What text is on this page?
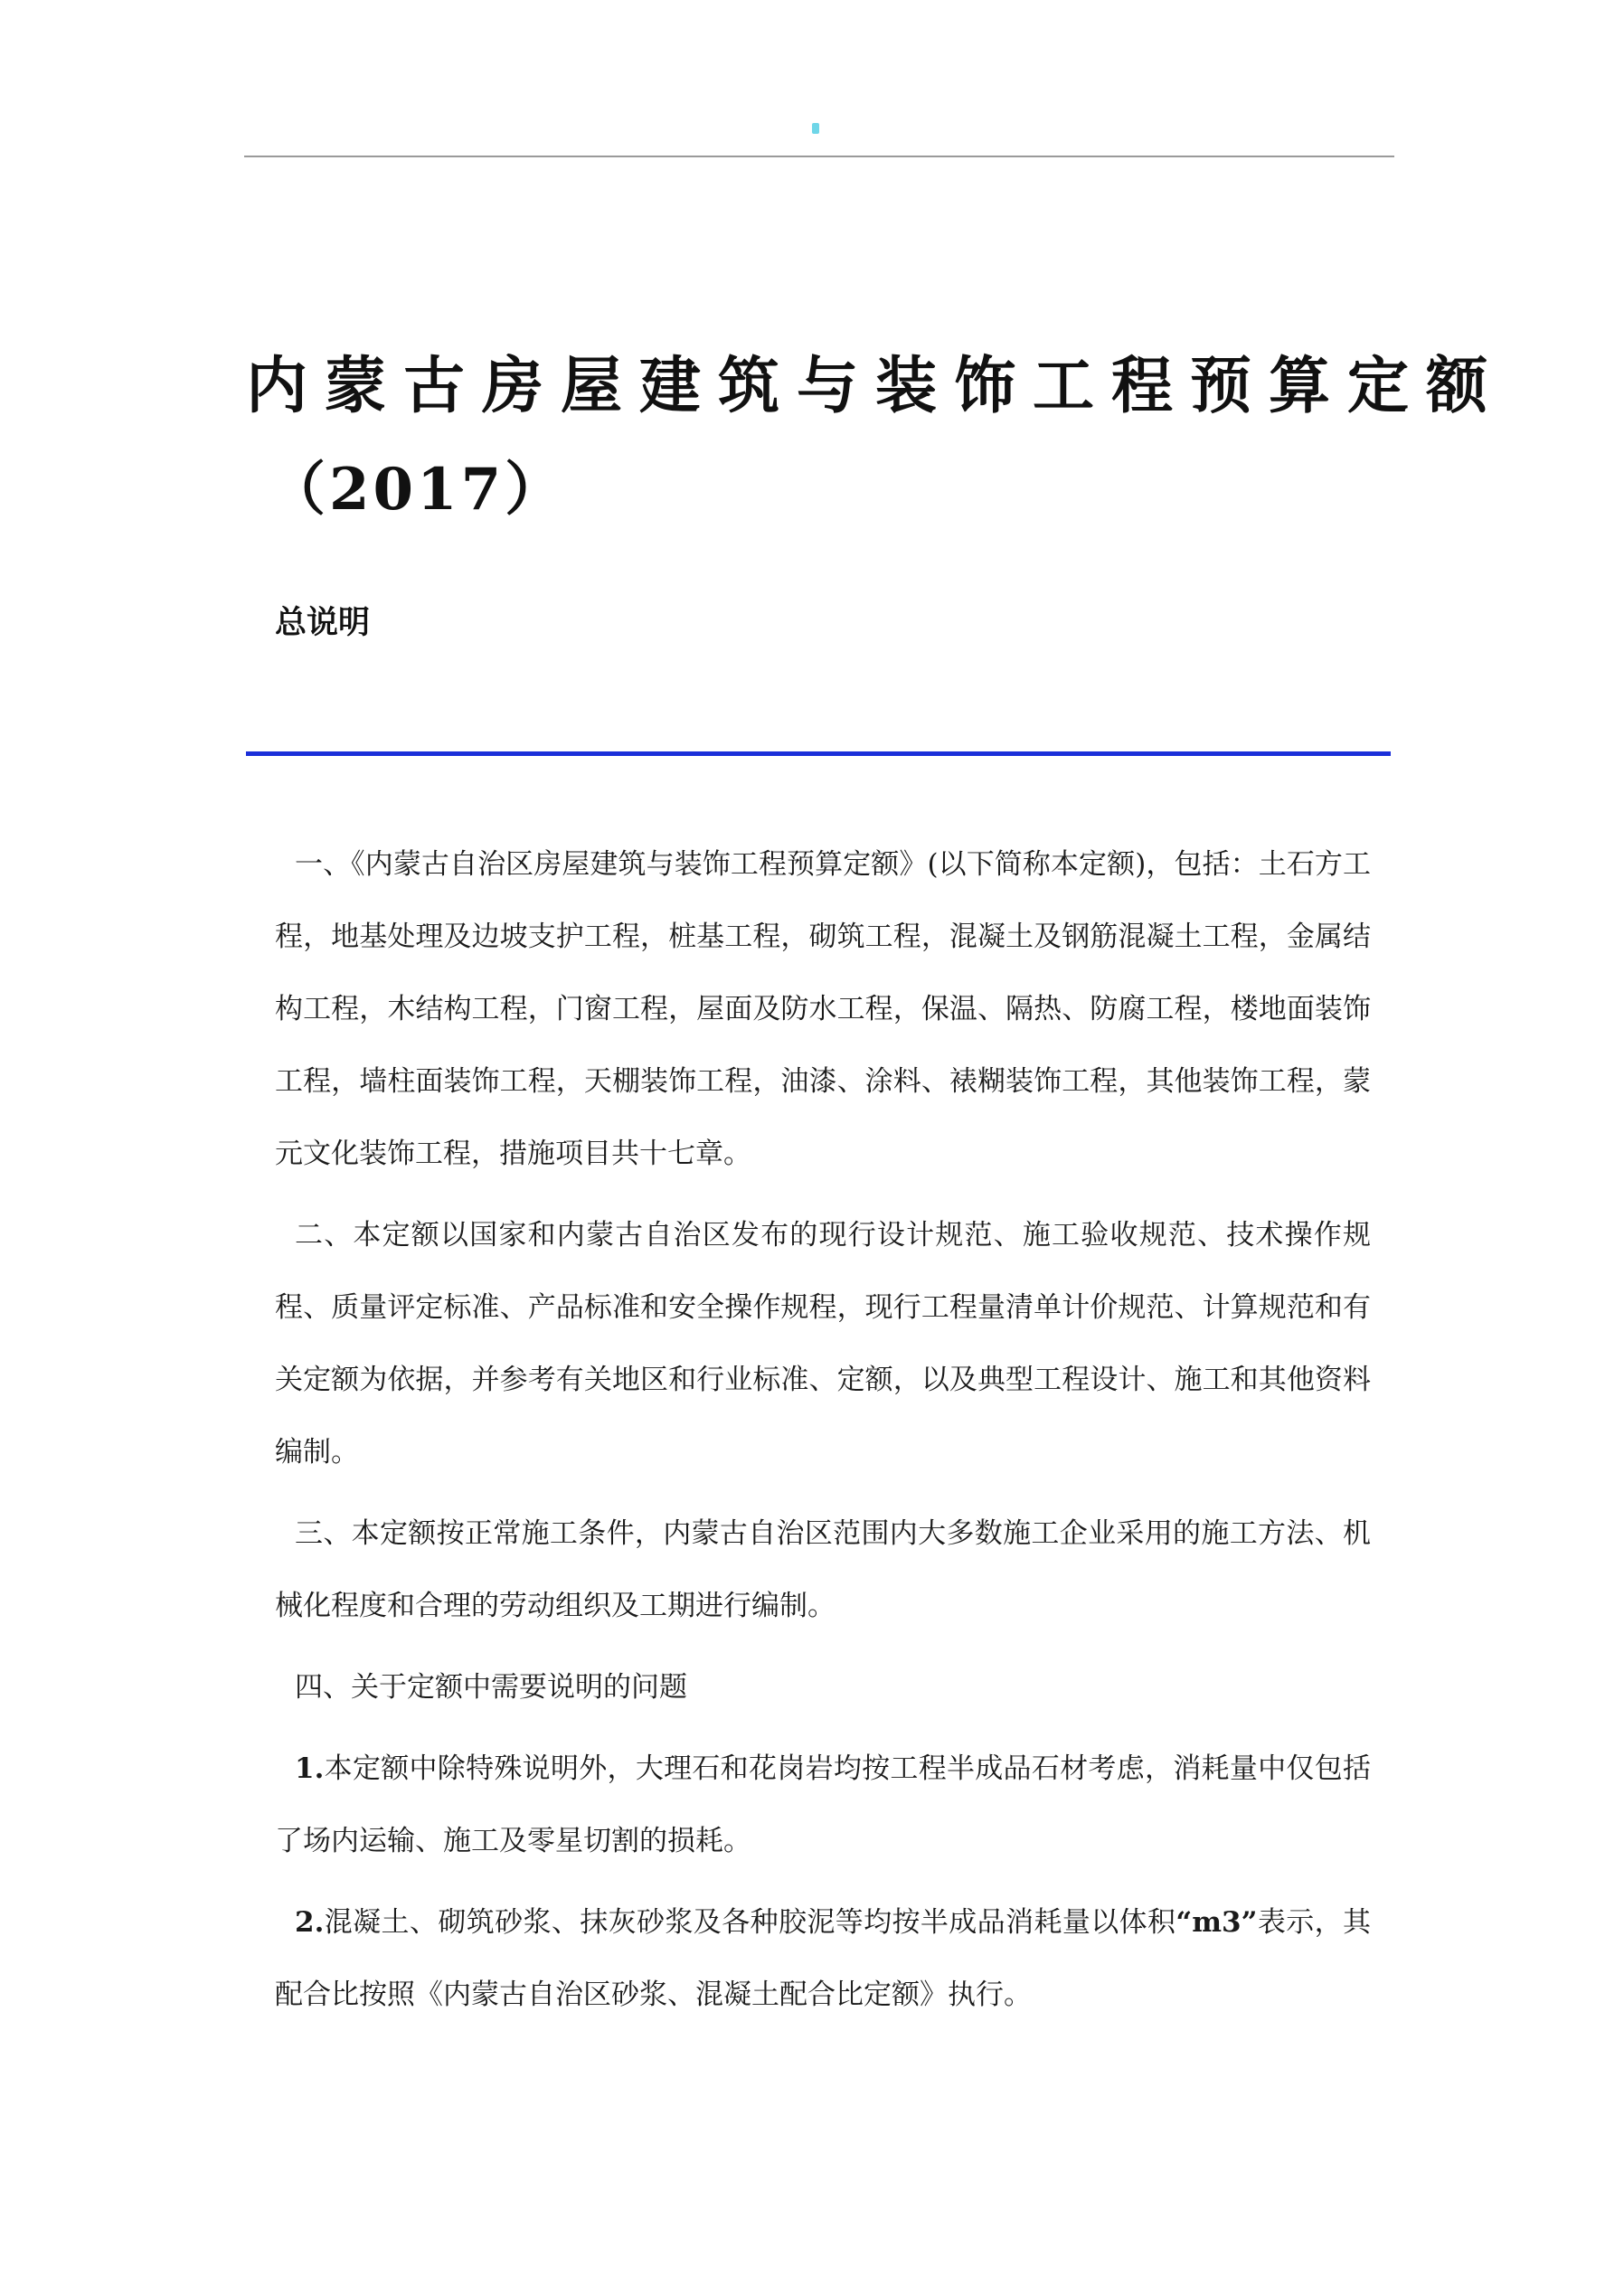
内蒙古房屋建筑与装饰工程预算定额
（2017）
总说明

一、《内蒙古自治区房屋建筑与装饰工程预算定额》(以下简称本定额)，包括：土石方工程，地基处理及边坡支护工程，桩基工程，砌筑工程，混凝土及钢筋混凝土工程，金属结构工程，木结构工程，门窗工程，屋面及防水工程，保温、隔热、防腐工程，楼地面装饰工程，墙柱面装饰工程，天棚装饰工程，油漆、涂料、裱糊装饰工程，其他装饰工程，蒙元文化装饰工程，措施项目共十七章。

二、本定额以国家和内蒙古自治区发布的现行设计规范、施工验收规范、技术操作规程、质量评定标准、产品标准和安全操作规程，现行工程量清单计价规范、计算规范和有关定额为依据，并参考有关地区和行业标准、定额，以及典型工程设计、施工和其他资料编制。

三、本定额按正常施工条件，内蒙古自治区范围内大多数施工企业采用的施工方法、机械化程度和合理的劳动组织及工期进行编制。

四、关于定额中需要说明的问题

1.本定额中除特殊说明外，大理石和花岗岩均按工程半成品石材考虑，消耗量中仅包括了场内运输、施工及零星切割的损耗。

2.混凝土、砌筑砂浆、抹灰砂浆及各种胶泥等均按半成品消耗量以体积“m3”表示，其配合比按照《内蒙古自治区砂浆、混凝土配合比定额》执行。
